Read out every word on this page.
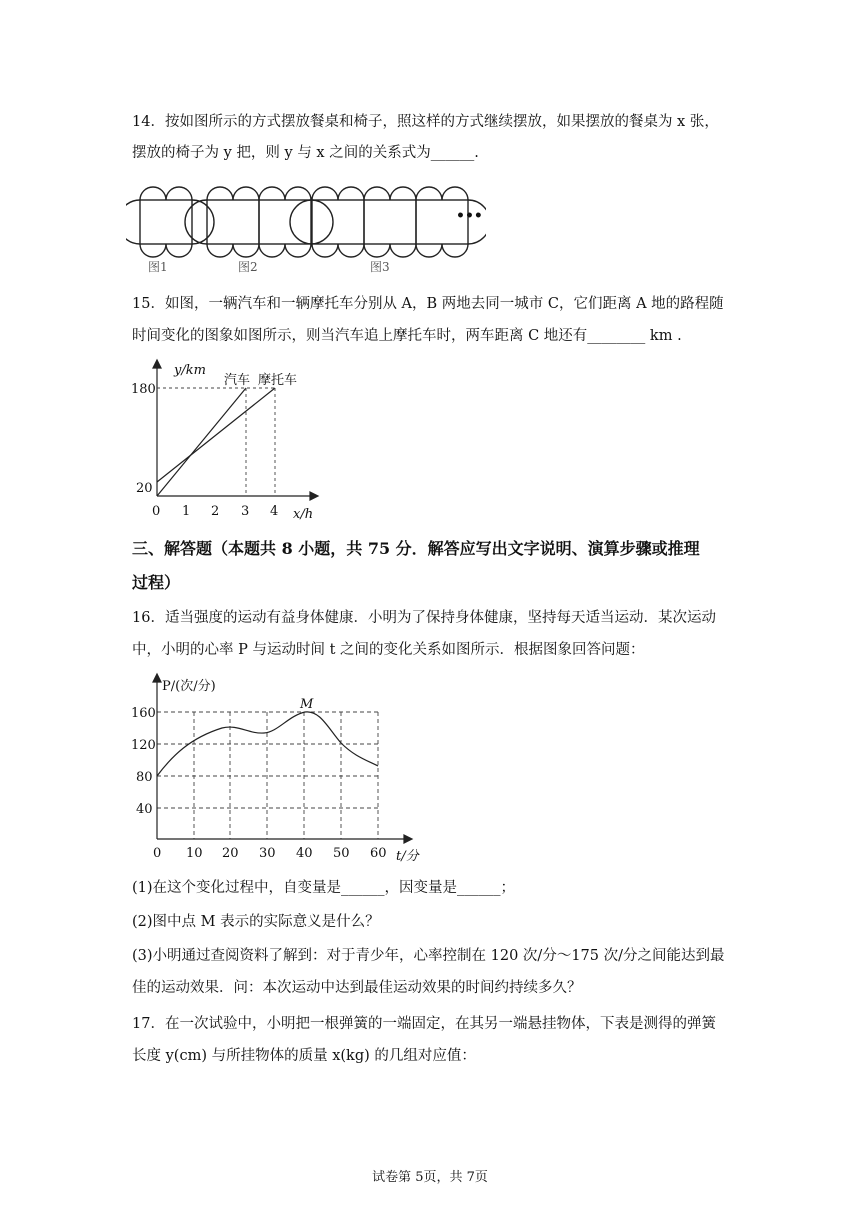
14．按如图所示的方式摆放餐桌和椅子，照这样的方式继续摆放，如果摆放的餐桌为 x 张，
摆放的椅子为 y 把，则 y 与 x 之间的关系式为______.
图1	图2	图3
•••
15．如图，一辆汽车和一辆摩托车分别从 A，B 两地去同一城市 C，它们距离 A 地的路程随
时间变化的图象如图所示，则当汽车追上摩托车时，两车距离 C 地还有________ km .
y/km
汽车 摩托车
180
20
0 1 2 3 4 x/h
三、解答题（本题共 8 小题，共 75 分．解答应写出文字说明、演算步骤或推理
过程）
16．适当强度的运动有益身体健康．小明为了保持身体健康，坚持每天适当运动．某次运动
中，小明的心率 P 与运动时间 t 之间的变化关系如图所示．根据图象回答问题：
P/(次/分)
M
160
120
80
40
0 10 20 30 40 50 60 t/分
(1)在这个变化过程中，自变量是______，因变量是______；
(2)图中点 M 表示的实际意义是什么？
(3)小明通过查阅资料了解到：对于青少年，心率控制在 120 次/分～175 次/分之间能达到最
佳的运动效果．问：本次运动中达到最佳运动效果的时间约持续多久？
17．在一次试验中，小明把一根弹簧的一端固定，在其另一端悬挂物体，下表是测得的弹簧
长度 y(cm) 与所挂物体的质量 x(kg) 的几组对应值：
试卷第 5页，共 7页
